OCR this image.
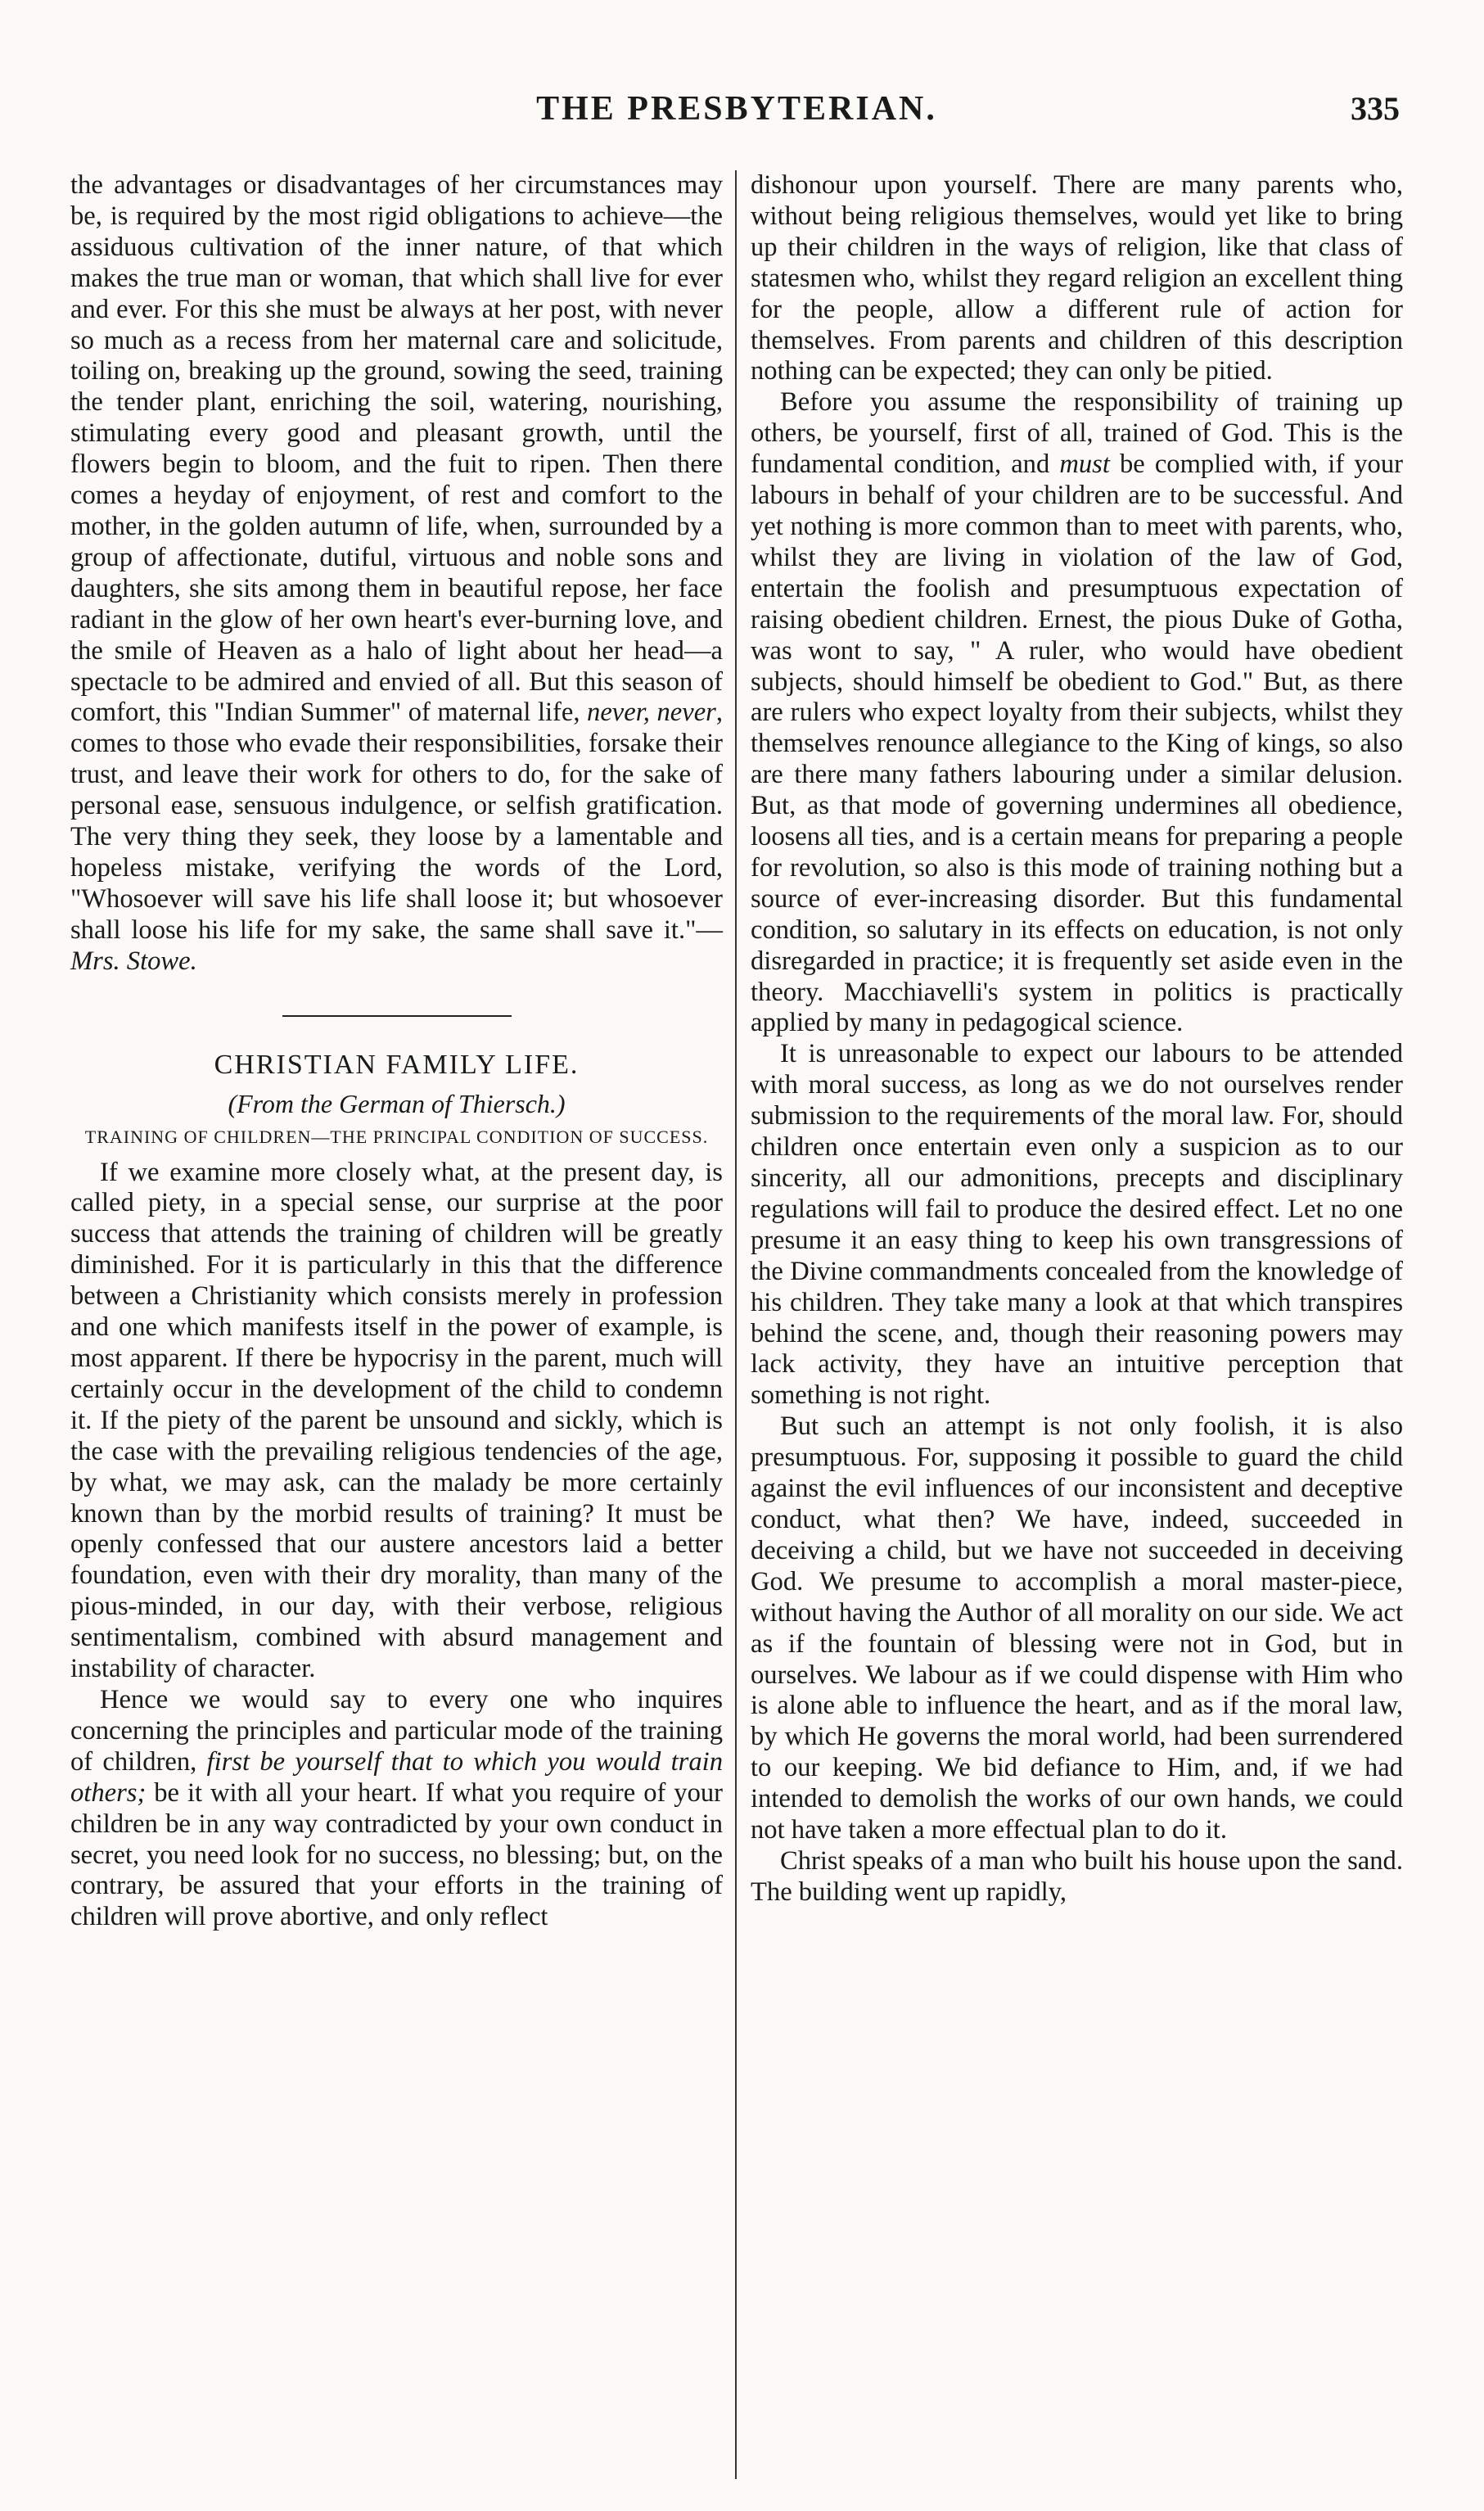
THE PRESBYTERIAN.	335

the advantages or disadvantages of her circumstances may be, is required by the most rigid obligations to achieve—the assiduous cultivation of the inner nature, of that which makes the true man or woman, that which shall live for ever and ever. For this she must be always at her post, with never so much as a recess from her maternal care and solicitude, toiling on, breaking up the ground, sowing the seed, training the tender plant, enriching the soil, watering, nourishing, stimulating every good and pleasant growth, until the flowers begin to bloom, and the fuit to ripen. Then there comes a heyday of enjoyment, of rest and comfort to the mother, in the golden autumn of life, when, surrounded by a group of affectionate, dutiful, virtuous and noble sons and daughters, she sits among them in beautiful repose, her face radiant in the glow of her own heart's ever-burning love, and the smile of Heaven as a halo of light about her head—a spectacle to be admired and envied of all. But this season of comfort, this "Indian Summer" of maternal life, never, never, comes to those who evade their responsibilities, forsake their trust, and leave their work for others to do, for the sake of personal ease, sensuous indulgence, or selfish gratification. The very thing they seek, they loose by a lamentable and hopeless mistake, verifying the words of the Lord, "Whosoever will save his life shall loose it; but whosoever shall loose his life for my sake, the same shall save it."—Mrs. Stowe.

CHRISTIAN FAMILY LIFE.
(From the German of Thiersch.)
TRAINING OF CHILDREN—THE PRINCIPAL CONDITION OF SUCCESS.

If we examine more closely what, at the present day, is called piety, in a special sense, our surprise at the poor success that attends the training of children will be greatly diminished. For it is particularly in this that the difference between a Christianity which consists merely in profession and one which manifests itself in the power of example, is most apparent. If there be hypocrisy in the parent, much will certainly occur in the development of the child to condemn it. If the piety of the parent be unsound and sickly, which is the case with the prevailing religious tendencies of the age, by what, we may ask, can the malady be more certainly known than by the morbid results of training? It must be openly confessed that our austere ancestors laid a better foundation, even with their dry morality, than many of the pious-minded, in our day, with their verbose, religious sentimentalism, combined with absurd management and instability of character.

Hence we would say to every one who inquires concerning the principles and particular mode of the training of children, first be yourself that to which you would train others; be it with all your heart. If what you require of your children be in any way contradicted by your own conduct in secret, you need look for no success, no blessing; but, on the contrary, be assured that your efforts in the training of children will prove abortive, and only reflect

dishonour upon yourself. There are many parents who, without being religious themselves, would yet like to bring up their children in the ways of religion, like that class of statesmen who, whilst they regard religion an excellent thing for the people, allow a different rule of action for themselves. From parents and children of this description nothing can be expected; they can only be pitied.

Before you assume the responsibility of training up others, be yourself, first of all, trained of God. This is the fundamental condition, and must be complied with, if your labours in behalf of your children are to be successful. And yet nothing is more common than to meet with parents, who, whilst they are living in violation of the law of God, entertain the foolish and presumptuous expectation of raising obedient children. Ernest, the pious Duke of Gotha, was wont to say, " A ruler, who would have obedient subjects, should himself be obedient to God." But, as there are rulers who expect loyalty from their subjects, whilst they themselves renounce allegiance to the King of kings, so also are there many fathers labouring under a similar delusion. But, as that mode of governing undermines all obedience, loosens all ties, and is a certain means for preparing a people for revolution, so also is this mode of training nothing but a source of ever-increasing disorder. But this fundamental condition, so salutary in its effects on education, is not only disregarded in practice; it is frequently set aside even in the theory. Macchiavelli's system in politics is practically applied by many in pedagogical science.

It is unreasonable to expect our labours to be attended with moral success, as long as we do not ourselves render submission to the requirements of the moral law. For, should children once entertain even only a suspicion as to our sincerity, all our admonitions, precepts and disciplinary regulations will fail to produce the desired effect. Let no one presume it an easy thing to keep his own transgressions of the Divine commandments concealed from the knowledge of his children. They take many a look at that which transpires behind the scene, and, though their reasoning powers may lack activity, they have an intuitive perception that something is not right.

But such an attempt is not only foolish, it is also presumptuous. For, supposing it possible to guard the child against the evil influences of our inconsistent and deceptive conduct, what then? We have, indeed, succeeded in deceiving a child, but we have not succeeded in deceiving God. We presume to accomplish a moral master-piece, without having the Author of all morality on our side. We act as if the fountain of blessing were not in God, but in ourselves. We labour as if we could dispense with Him who is alone able to influence the heart, and as if the moral law, by which He governs the moral world, had been surrendered to our keeping. We bid defiance to Him, and, if we had intended to demolish the works of our own hands, we could not have taken a more effectual plan to do it.

Christ speaks of a man who built his house upon the sand. The building went up rapidly,
